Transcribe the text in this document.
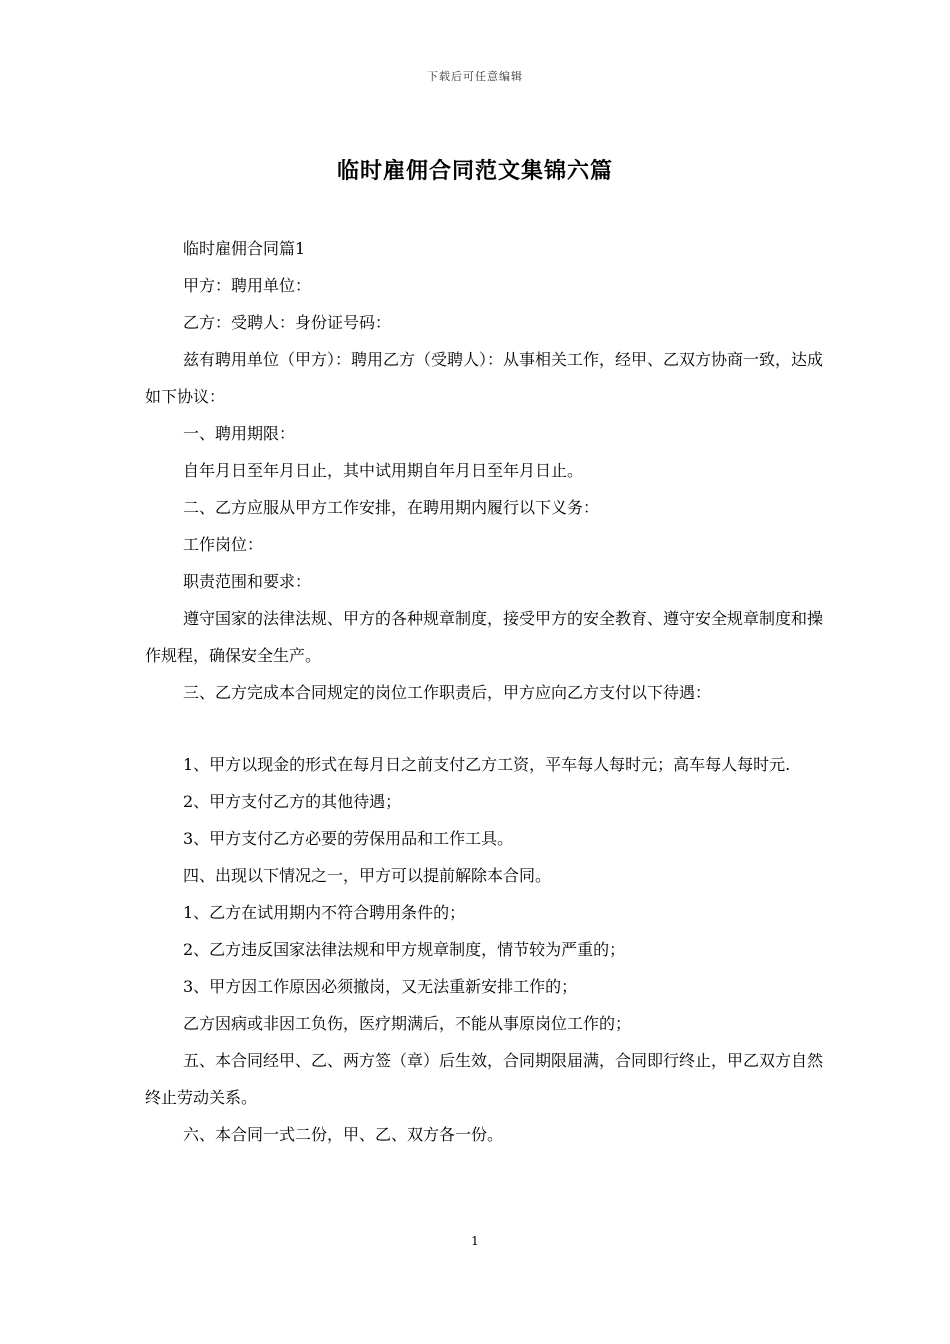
下载后可任意编辑
临时雇佣合同范文集锦六篇

临时雇佣合同篇1

甲方：聘用单位：

乙方：受聘人：身份证号码：

兹有聘用单位（甲方）：聘用乙方（受聘人）：从事相关工作，经甲、乙双方协商一致，达成如下协议：

一、聘用期限：

自年月日至年月日止，其中试用期自年月日至年月日止。

二、乙方应服从甲方工作安排，在聘用期内履行以下义务：

工作岗位：

职责范围和要求：

遵守国家的法律法规、甲方的各种规章制度，接受甲方的安全教育、遵守安全规章制度和操作规程，确保安全生产。

三、乙方完成本合同规定的岗位工作职责后，甲方应向乙方支付以下待遇：

1、甲方以现金的形式在每月日之前支付乙方工资，平车每人每时元；高车每人每时元.

2、甲方支付乙方的其他待遇；

3、甲方支付乙方必要的劳保用品和工作工具。

四、出现以下情况之一，甲方可以提前解除本合同。

1、乙方在试用期内不符合聘用条件的；

2、乙方违反国家法律法规和甲方规章制度，情节较为严重的；

3、甲方因工作原因必须撤岗，又无法重新安排工作的；

乙方因病或非因工负伤，医疗期满后，不能从事原岗位工作的；

五、本合同经甲、乙、两方签（章）后生效，合同期限届满，合同即行终止，甲乙双方自然终止劳动关系。

六、本合同一式二份，甲、乙、双方各一份。

1
